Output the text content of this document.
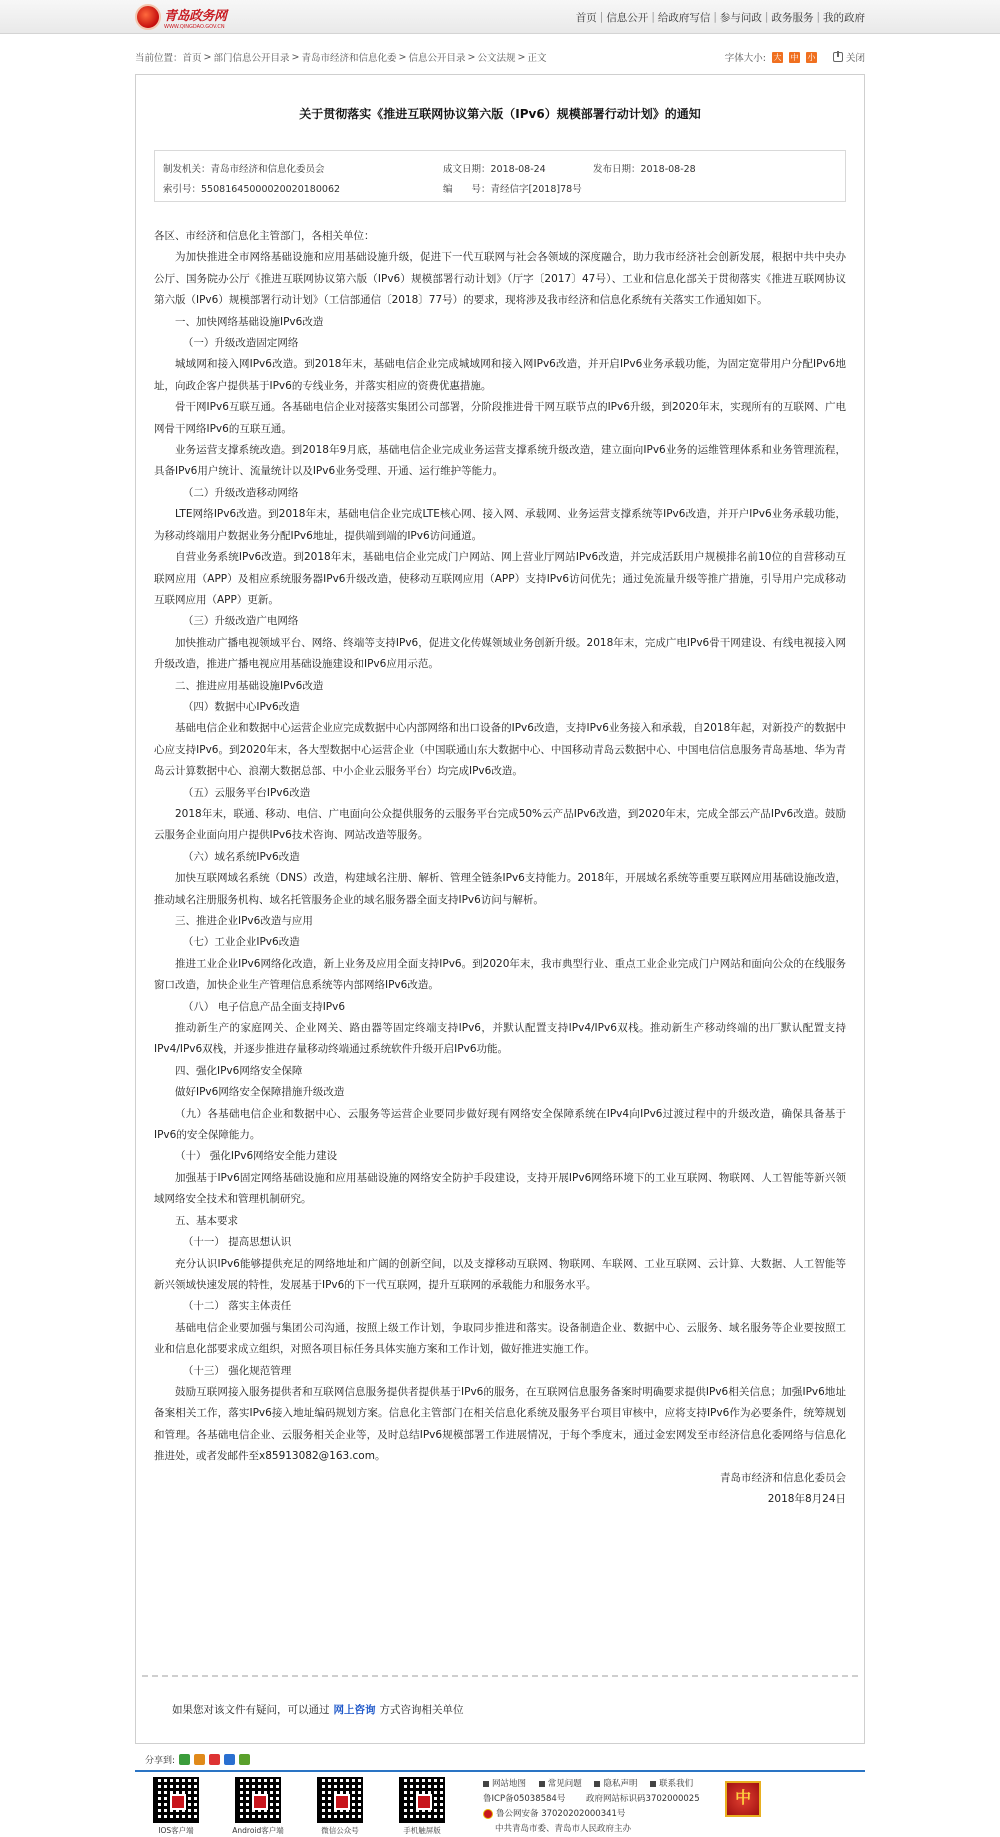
青岛政务网
WWW.QINGDAO.GOV.CN
首页 | 信息公开 | 给政府写信 | 参与问政 | 政务服务 | 我的政府
当前位置： 首页 > 部门信息公开目录 > 青岛市经济和信息化委 > 信息公开目录 > 公文法规 > 正文	字体大小: 大 中 小	关闭
关于贯彻落实《推进互联网协议第六版（IPv6）规模部署行动计划》的通知
制发机关：青岛市经济和信息化委员会	成文日期：2018-08-24	发布日期：2018-08-28
索引号：55081645000020020180062	编　　号：青经信字[2018]78号

各区、市经济和信息化主管部门，各相关单位：

为加快推进全市网络基础设施和应用基础设施升级，促进下一代互联网与社会各领域的深度融合，助力我市经济社会创新发展，根据中共中央办公厅、国务院办公厅《推进互联网协议第六版（IPv6）规模部署行动计划》（厅字〔2017〕47号）、工业和信息化部关于贯彻落实《推进互联网协议第六版（IPv6）规模部署行动计划》（工信部通信〔2018〕77号）的要求，现将涉及我市经济和信息化系统有关落实工作通知如下。

一、加快网络基础设施IPv6改造

（一）升级改造固定网络

城域网和接入网IPv6改造。到2018年末，基础电信企业完成城域网和接入网IPv6改造，并开启IPv6业务承载功能，为固定宽带用户分配IPv6地址，向政企客户提供基于IPv6的专线业务，并落实相应的资费优惠措施。

骨干网IPv6互联互通。各基础电信企业对接落实集团公司部署，分阶段推进骨干网互联节点的IPv6升级，到2020年末，实现所有的互联网、广电网骨干网络IPv6的互联互通。

业务运营支撑系统改造。到2018年9月底，基础电信企业完成业务运营支撑系统升级改造，建立面向IPv6业务的运维管理体系和业务管理流程，具备IPv6用户统计、流量统计以及IPv6业务受理、开通、运行维护等能力。

（二）升级改造移动网络

LTE网络IPv6改造。到2018年末，基础电信企业完成LTE核心网、接入网、承载网、业务运营支撑系统等IPv6改造，并开户IPv6业务承载功能，为移动终端用户数据业务分配IPv6地址，提供端到端的IPv6访问通道。

自营业务系统IPv6改造。到2018年末，基础电信企业完成门户网站、网上营业厅网站IPv6改造，并完成活跃用户规模排名前10位的自营移动互联网应用（APP）及相应系统服务器IPv6升级改造，使移动互联网应用（APP）支持IPv6访问优先；通过免流量升级等推广措施，引导用户完成移动互联网应用（APP）更新。

（三）升级改造广电网络

加快推动广播电视领域平台、网络、终端等支持IPv6，促进文化传媒领域业务创新升级。2018年末，完成广电IPv6骨干网建设、有线电视接入网升级改造，推进广播电视应用基础设施建设和IPv6应用示范。

二、推进应用基础设施IPv6改造

（四）数据中心IPv6改造

基础电信企业和数据中心运营企业应完成数据中心内部网络和出口设备的IPv6改造，支持IPv6业务接入和承载，自2018年起，对新投产的数据中心应支持IPv6。到2020年末，各大型数据中心运营企业（中国联通山东大数据中心、中国移动青岛云数据中心、中国电信信息服务青岛基地、华为青岛云计算数据中心、浪潮大数据总部、中小企业云服务平台）均完成IPv6改造。

（五）云服务平台IPv6改造

2018年末，联通、移动、电信、广电面向公众提供服务的云服务平台完成50%云产品IPv6改造，到2020年末，完成全部云产品IPv6改造。鼓励云服务企业面向用户提供IPv6技术咨询、网站改造等服务。

（六）域名系统IPv6改造

加快互联网域名系统（DNS）改造，构建域名注册、解析、管理全链条IPv6支持能力。2018年，开展域名系统等重要互联网应用基础设施改造，推动域名注册服务机构、域名托管服务企业的域名服务器全面支持IPv6访问与解析。

三、推进企业IPv6改造与应用

（七）工业企业IPv6改造

推进工业企业IPv6网络化改造，新上业务及应用全面支持IPv6。到2020年末，我市典型行业、重点工业企业完成门户网站和面向公众的在线服务窗口改造，加快企业生产管理信息系统等内部网络IPv6改造。

（八） 电子信息产品全面支持IPv6

推动新生产的家庭网关、企业网关、路由器等固定终端支持IPv6，并默认配置支持IPv4/IPv6双栈。推动新生产移动终端的出厂默认配置支持IPv4/IPv6双栈，并逐步推进存量移动终端通过系统软件升级开启IPv6功能。

四、强化IPv6网络安全保障

做好IPv6网络安全保障措施升级改造

（九）各基础电信企业和数据中心、云服务等运营企业要同步做好现有网络安全保障系统在IPv4向IPv6过渡过程中的升级改造，确保具备基于IPv6的安全保障能力。

（十） 强化IPv6网络安全能力建设

加强基于IPv6固定网络基础设施和应用基础设施的网络安全防护手段建设，支持开展IPv6网络环境下的工业互联网、物联网、人工智能等新兴领域网络安全技术和管理机制研究。

五、基本要求

（十一） 提高思想认识

充分认识IPv6能够提供充足的网络地址和广阔的创新空间，以及支撑移动互联网、物联网、车联网、工业互联网、云计算、大数据、人工智能等新兴领域快速发展的特性，发展基于IPv6的下一代互联网，提升互联网的承载能力和服务水平。

（十二） 落实主体责任

基础电信企业要加强与集团公司沟通，按照上级工作计划，争取同步推进和落实。设备制造企业、数据中心、云服务、域名服务等企业要按照工业和信息化部要求成立组织，对照各项目标任务具体实施方案和工作计划，做好推进实施工作。

（十三） 强化规范管理

鼓励互联网接入服务提供者和互联网信息服务提供者提供基于IPv6的服务，在互联网信息服务备案时明确要求提供IPv6相关信息；加强IPv6地址备案相关工作，落实IPv6接入地址编码规划方案。信息化主管部门在相关信息化系统及服务平台项目审核中，应将支持IPv6作为必要条件，统筹规划和管理。各基础电信企业、云服务相关企业等，及时总结IPv6规模部署工作进展情况，于每个季度末，通过金宏网发至市经济信息化委网络与信息化推进处，或者发邮件至x85913082@163.com。

青岛市经济和信息化委员会

2018年8月24日

如果您对该文件有疑问，可以通过 网上咨询 方式咨询相关单位
分享到:
IOS客户端	Android客户端	微信公众号	手机触屏版
网站地图	常见问题	隐私声明	联系我们
鲁ICP备05038584号 政府网站标识码3702000025
鲁公网安备 37020202000341号
中共青岛市委、青岛市人民政府主办
中
